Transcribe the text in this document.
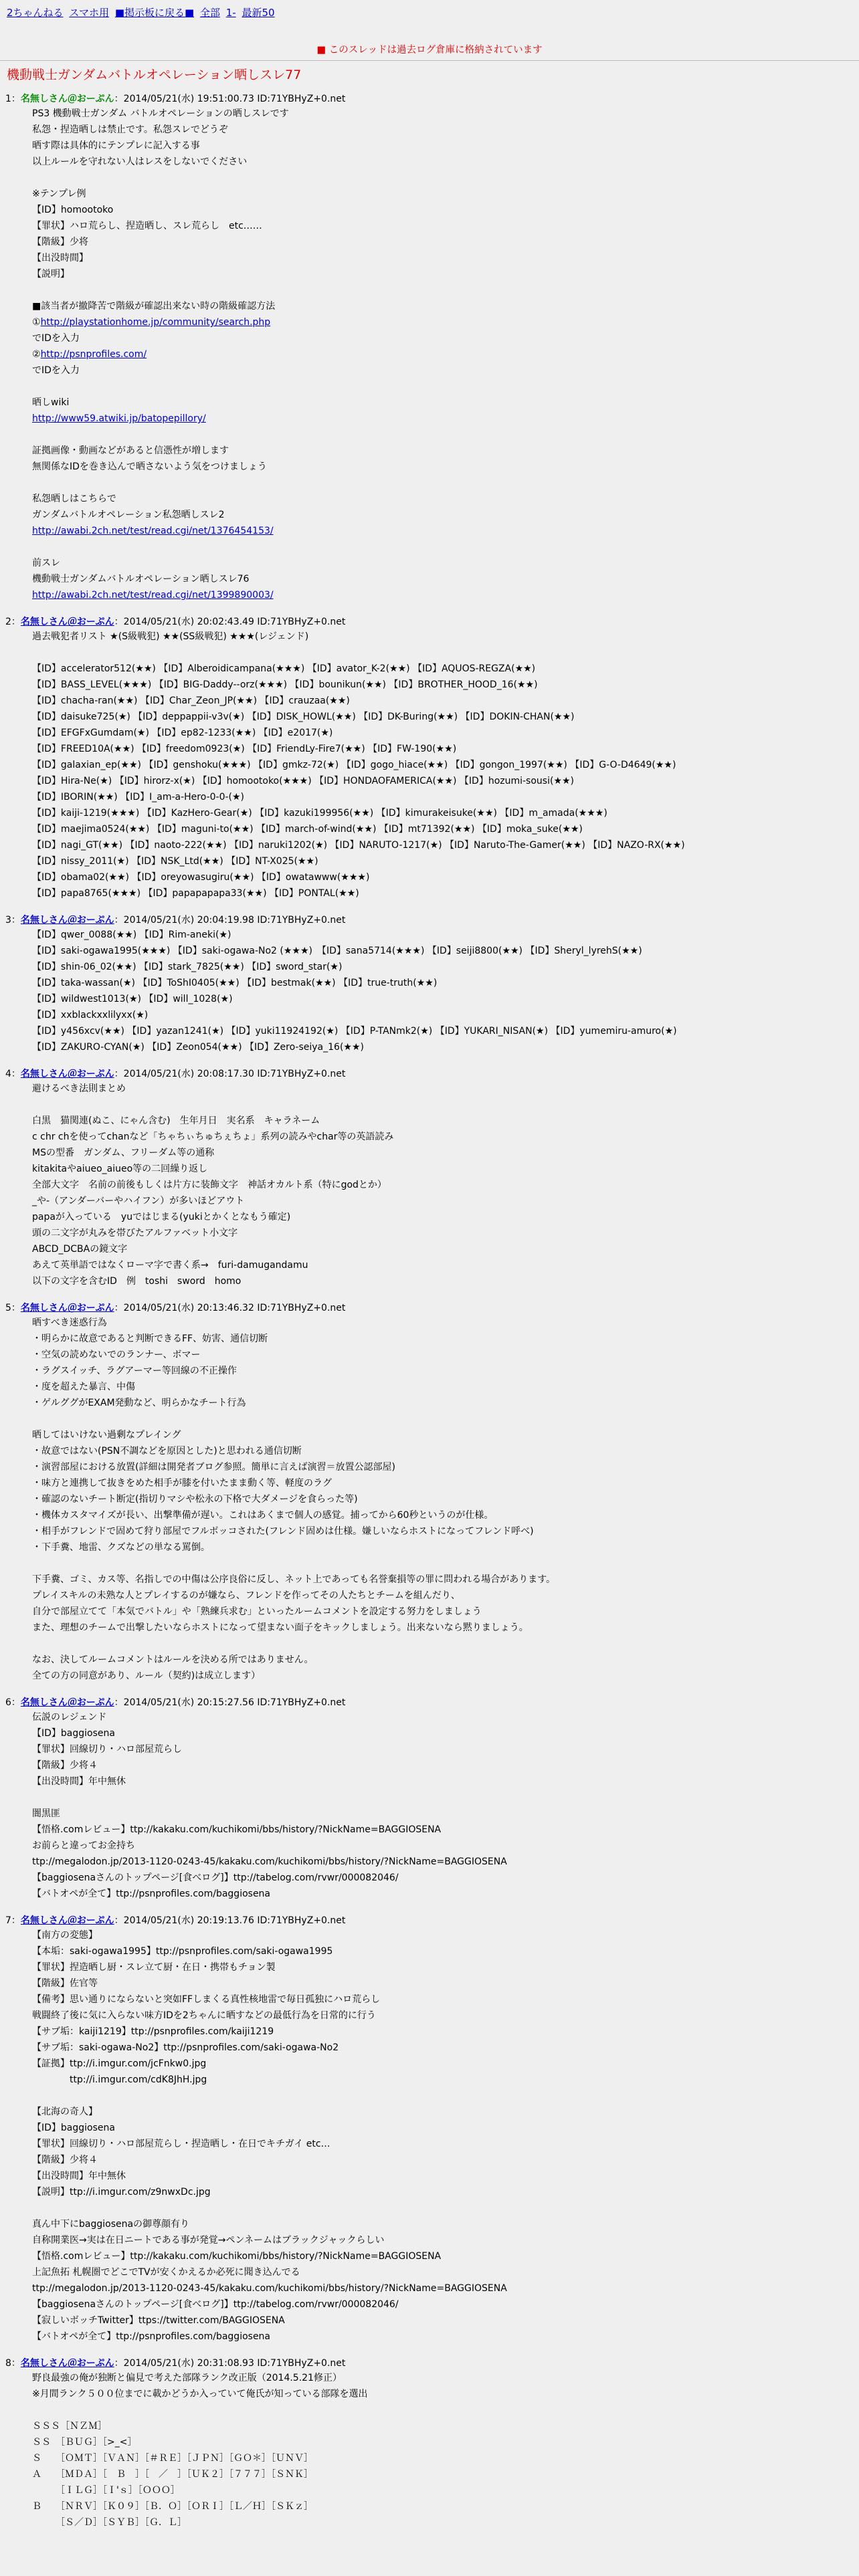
2ちゃんねる スマホ用 ■掲示板に戻る■ 全部 1- 最新50
■ このスレッドは過去ログ倉庫に格納されています
機動戦士ガンダムバトルオペレーション晒しスレ77
1：名無しさん＠おーぷん：2014/05/21(水) 19:51:00.73 ID:71YBHyZ+0.net
PS3 機動戦士ガンダム バトルオペレーションの晒しスレです
私怨・捏造晒しは禁止です。私怨スレでどうぞ
晒す際は具体的にテンプレに記入する事
以上ルールを守れない人はレスをしないでください

※テンプレ例
【ID】homootoko
【罪状】ハロ荒らし、捏造晒し、スレ荒らし　etc……
【階級】少将
【出没時間】
【説明】

■該当者が撤降苦で階級が確認出来ない時の階級確認方法
①http://playstationhome.jp/community/search.php
でIDを入力
②http://psnprofiles.com/
でIDを入力

晒しwiki
http://www59.atwiki.jp/batopepillory/

証拠画像・動画などがあると信憑性が増します
無関係なIDを巻き込んで晒さないよう気をつけましょう

私怨晒しはこちらで
ガンダムバトルオペレーション私怨晒しスレ2
http://awabi.2ch.net/test/read.cgi/net/1376454153/

前スレ
機動戦士ガンダムバトルオペレーション晒しスレ76
http://awabi.2ch.net/test/read.cgi/net/1399890003/
2：名無しさん＠おーぷん：2014/05/21(水) 20:02:43.49 ID:71YBHyZ+0.net
過去戦犯者リスト ★(S級戦犯) ★★(SS級戦犯) ★★★(レジェンド)

【ID】accelerator512(★★) 【ID】Alberoidicampana(★★★) 【ID】avator_K-2(★★) 【ID】AQUOS-REGZA(★★)
【ID】BASS_LEVEL(★★★) 【ID】BIG-Daddy--orz(★★★) 【ID】bounikun(★★) 【ID】BROTHER_HOOD_16(★★)
【ID】chacha-ran(★★) 【ID】Char_Zeon_JP(★★) 【ID】crauzaa(★★)
【ID】daisuke725(★) 【ID】deppappii-v3v(★) 【ID】DISK_HOWL(★★) 【ID】DK-Buring(★★) 【ID】DOKIN-CHAN(★★)
【ID】EFGFxGumdam(★) 【ID】ep82-1233(★★) 【ID】e2017(★)
【ID】FREED10A(★★) 【ID】freedom0923(★) 【ID】FriendLy-Fire7(★★) 【ID】FW-190(★★)
【ID】galaxian_ep(★★) 【ID】genshoku(★★★) 【ID】gmkz-72(★) 【ID】gogo_hiace(★★) 【ID】gongon_1997(★★) 【ID】G-O-D4649(★★)
【ID】Hira-Ne(★) 【ID】hirorz-x(★) 【ID】homootoko(★★★) 【ID】HONDAOFAMERICA(★★) 【ID】hozumi-sousi(★★)
【ID】IBORIN(★★) 【ID】I_am-a-Hero-0-0-(★)
【ID】kaiji-1219(★★★) 【ID】KazHero-Gear(★) 【ID】kazuki199956(★★) 【ID】kimurakeisuke(★★) 【ID】m_amada(★★★)
【ID】maejima0524(★★) 【ID】maguni-to(★★) 【ID】march-of-wind(★★) 【ID】mt71392(★★) 【ID】moka_suke(★★)
【ID】nagi_GT(★★) 【ID】naoto-222(★★) 【ID】naruki1202(★) 【ID】NARUTO-1217(★) 【ID】Naruto-The-Gamer(★★) 【ID】NAZO-RX(★★)
【ID】nissy_2011(★) 【ID】NSK_Ltd(★★) 【ID】NT-X025(★★)
【ID】obama02(★★) 【ID】oreyowasugiru(★★) 【ID】owatawww(★★★)
【ID】papa8765(★★★) 【ID】papapapapa33(★★) 【ID】PONTAL(★★)
3：名無しさん＠おーぷん：2014/05/21(水) 20:04:19.98 ID:71YBHyZ+0.net
【ID】qwer_0088(★★) 【ID】Rim-aneki(★)
【ID】saki-ogawa1995(★★★) 【ID】saki-ogawa-No2 (★★★)　【ID】sana5714(★★★) 【ID】seiji8800(★★) 【ID】Sheryl_lyrehS(★★)
【ID】shin-06_02(★★) 【ID】stark_7825(★★) 【ID】sword_star(★)
【ID】taka-wassan(★) 【ID】ToShI0405(★★) 【ID】bestmak(★★) 【ID】true-truth(★★)
【ID】wildwest1013(★) 【ID】will_1028(★)
【ID】xxblackxxlilyxx(★)
【ID】y456xcv(★★) 【ID】yazan1241(★) 【ID】yuki11924192(★) 【ID】P-TANmk2(★) 【ID】YUKARI_NISAN(★) 【ID】yumemiru-amuro(★)
【ID】ZAKURO-CYAN(★) 【ID】Zeon054(★★) 【ID】Zero-seiya_16(★★)
4：名無しさん＠おーぷん：2014/05/21(水) 20:08:17.30 ID:71YBHyZ+0.net
避けるべき法則まとめ

白黒　猫関連(ぬこ、にゃん含む)　生年月日　実名系　キャラネーム
c chr chを使ってchanなど「ちゃちぃちゅちぇちょ」系列の読みやchar等の英語読み
MSの型番　ガンダム、フリーダム等の通称
kitakitaやaiueo_aiueo等の二回繰り返し
全部大文字　名前の前後もしくは片方に装飾文字　神話オカルト系（特にgodとか）
_や-（アンダーバーやハイフン）が多いほどアウト
papaが入っている　yuではじまる(yukiとかくとなもう確定)
頭の二文字が丸みを帯びたアルファベット小文字
ABCD_DCBAの鏡文字
あえて英単語ではなくローマ字で書く系→　furi-damugandamu
以下の文字を含むID　例　toshi　sword　homo
5：名無しさん＠おーぷん：2014/05/21(水) 20:13:46.32 ID:71YBHyZ+0.net
晒すべき迷惑行為
・明らかに故意であると判断できるFF、妨害、通信切断
・空気の読めないでのランナー、ボマー
・ラグスイッチ、ラグアーマー等回線の不正操作
・度を超えた暴言、中傷
・ゲルググがEXAM発動など、明らかなチート行為

晒してはいけない過剰なプレイング
・故意ではない(PSN不調などを原因とした)と思われる通信切断
・演習部屋における放置(詳細は開発者ブログ参照。簡単に言えば演習＝放置公認部屋)
・味方と連携して抜きをめた相手が膝を付いたまま動く等、軽度のラグ
・確認のないチート断定(指切りマシや松永の下格で大ダメージを食らった等)
・機体カスタマイズが長い、出撃準備が遅い。これはあくまで個人の感覚。捕ってから60秒というのが仕様。
・相手がフレンドで固めて狩り部屋でフルボッコされた(フレンド固めは仕様。嫌しいならホストになってフレンド呼べ)
・下手糞、地雷、クズなどの単なる罵倒。

下手糞、ゴミ、カス等、名指しでの中傷は公序良俗に反し、ネット上であっても名誉棄損等の罪に問われる場合があります。
プレイスキルの未熟な人とプレイするのが嫌なら、フレンドを作ってその人たちとチームを組んだり、
自分で部屋立てて「本気でバトル」や「熟練兵求む」といったルームコメントを設定する努力をしましょう
また、理想のチームで出撃したいならホストになって望まない面子をキックしましょう。出来ないなら黙りましょう。

なお、決してルームコメントはルールを決める所ではありません。
全ての方の同意があり、ルール（契約)は成立します）
6：名無しさん＠おーぷん：2014/05/21(水) 20:15:27.56 ID:71YBHyZ+0.net
伝説のレジェンド
【ID】baggiosena
【罪状】回線切り・ハロ部屋荒らし
【階級】少将４
【出没時間】年中無休

闇黒匪
【悟格.comレビュー】ttp://kakaku.com/kuchikomi/bbs/history/?NickName=BAGGIOSENA
お前らと違ってお金持ち
ttp://megalodon.jp/2013-1120-0243-45/kakaku.com/kuchikomi/bbs/history/?NickName=BAGGIOSENA
【baggiosenaさんのトップページ[食べログ]】ttp://tabelog.com/rvwr/000082046/
【バトオペが全て】ttp://psnprofiles.com/baggiosena
7：名無しさん＠おーぷん：2014/05/21(水) 20:19:13.76 ID:71YBHyZ+0.net
【南方の変態】
【本垢：saki-ogawa1995】ttp://psnprofiles.com/saki-ogawa1995
【罪状】捏造晒し厨・スレ立て厨・在日・携帯もチョン製
【階級】佐官等
【備考】思い通りにならないと突如FFしまくる真性核地雷で毎日孤独にハロ荒らし
戦闘終了後に気に入らない味方IDを2ちゃんに晒すなどの最低行為を日常的に行う
【サブ垢：kaiji1219】ttp://psnprofiles.com/kaiji1219
【サブ垢：saki-ogawa-No2】ttp://psnprofiles.com/saki-ogawa-No2
【証拠】ttp://i.imgur.com/jcFnkw0.jpg
　　　　ttp://i.imgur.com/cdK8JhH.jpg

【北海の奇人】
【ID】baggiosena
【罪状】回線切り・ハロ部屋荒らし・捏造晒し・在日でキチガイ etc…
【階級】少将４
【出没時間】年中無休
【説明】ttp://i.imgur.com/z9nwxDc.jpg

真ん中下にbaggiosenaの御尊顔有り
自称開業医→実は在日ニートである事が発覚→ペンネームはブラックジャックらしい
【悟格.comレビュー】ttp://kakaku.com/kuchikomi/bbs/history/?NickName=BAGGIOSENA
上記魚拓 札幌圏でどこでTVが安くかえるか必死に聞き込んでる
ttp://megalodon.jp/2013-1120-0243-45/kakaku.com/kuchikomi/bbs/history/?NickName=BAGGIOSENA
【baggiosenaさんのトップページ[食べログ]】ttp://tabelog.com/rvwr/000082046/
【寂しいボッチTwitter】ttps://twitter.com/BAGGIOSENA
【バトオペが全て】ttp://psnprofiles.com/baggiosena
8：名無しさん＠おーぷん：2014/05/21(水) 20:31:08.93 ID:71YBHyZ+0.net
野良最強の俺が独断と偏見で考えた部隊ランク改正版（2014.5.21修正）
※月間ランク５００位までに載かどうか入っていて俺氏が知っている部隊を選出

ＳＳＳ［ＮＺＭ］
ＳＳ　［ＢＵＧ］［>_<］
Ｓ　　［ＯＭＴ］［ＶＡＮ］［＃ＲＥ］［ＪＰＮ］［ＧＯ＊］［ＵＮＶ］
Ａ　　［ＭＤＡ］［　Ｂ　］［　／　］［ＵＫ２］［７７７］［ＳＮＫ］
　　　［ＩＬＧ］［Ｉ'ｓ］［ＯＯＯ］
Ｂ　　［ＮＲＶ］［Ｋ０９］［Ｂ．Ｏ］［ＯＲＩ］［Ｌ／Ｈ］［ＳＫｚ］
　　　［Ｓ／Ｄ］［ＳＹＢ］［Ｇ．Ｌ］
